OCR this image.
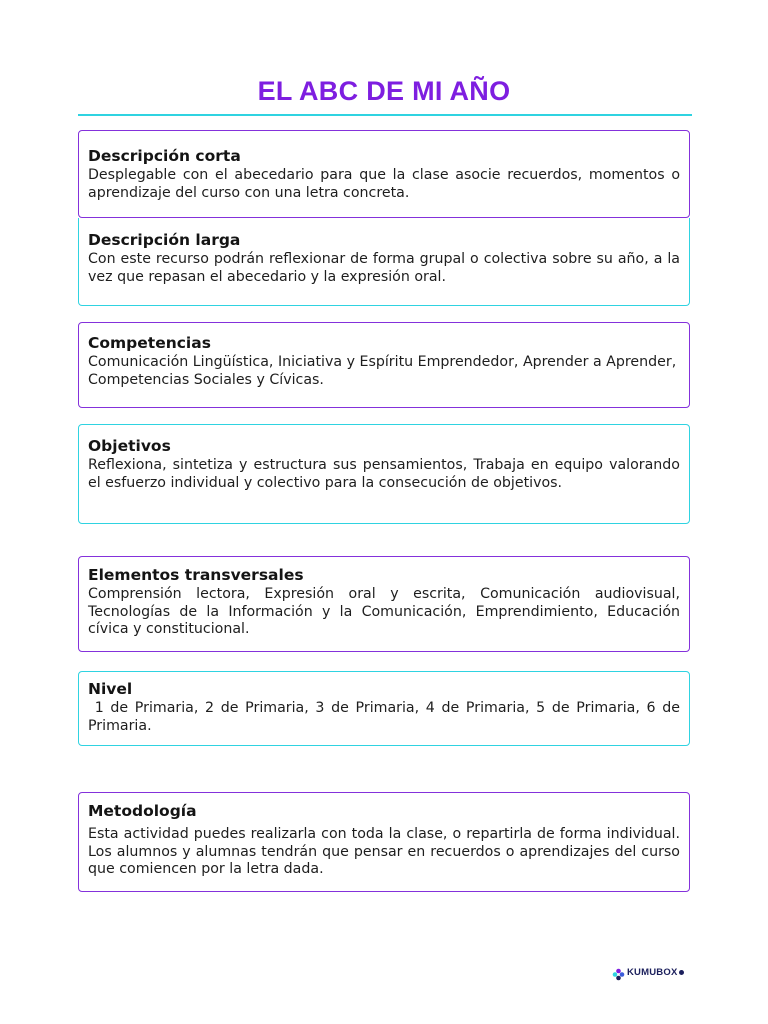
EL ABC DE MI AÑO
Descripción corta

Desplegable con el abecedario para que la clase asocie recuerdos, momentos o aprendizaje del curso con una letra concreta.

Descripción larga

Con este recurso podrán reflexionar de forma grupal o colectiva sobre su año, a la vez que repasan el abecedario y la expresión oral.

Competencias

Comunicación Lingüística, Iniciativa y Espíritu Emprendedor, Aprender a Aprender, Competencias Sociales y Cívicas.

Objetivos

Reflexiona, sintetiza y estructura sus pensamientos, Trabaja en equipo valorando el esfuerzo individual y colectivo para la consecución de objetivos.

Elementos transversales

Comprensión lectora, Expresión oral y escrita, Comunicación audiovisual, Tecnologías de la Información y la Comunicación, Emprendimiento, Educación cívica y constitucional.

Nivel

1 de Primaria, 2 de Primaria, 3 de Primaria, 4 de Primaria, 5 de Primaria, 6 de Primaria.

Metodología

Esta actividad puedes realizarla con toda la clase, o repartirla de forma individual. Los alumnos y alumnas tendrán que pensar en recuerdos o aprendizajes del curso que comiencen por la letra dada.

KUMUBOX
